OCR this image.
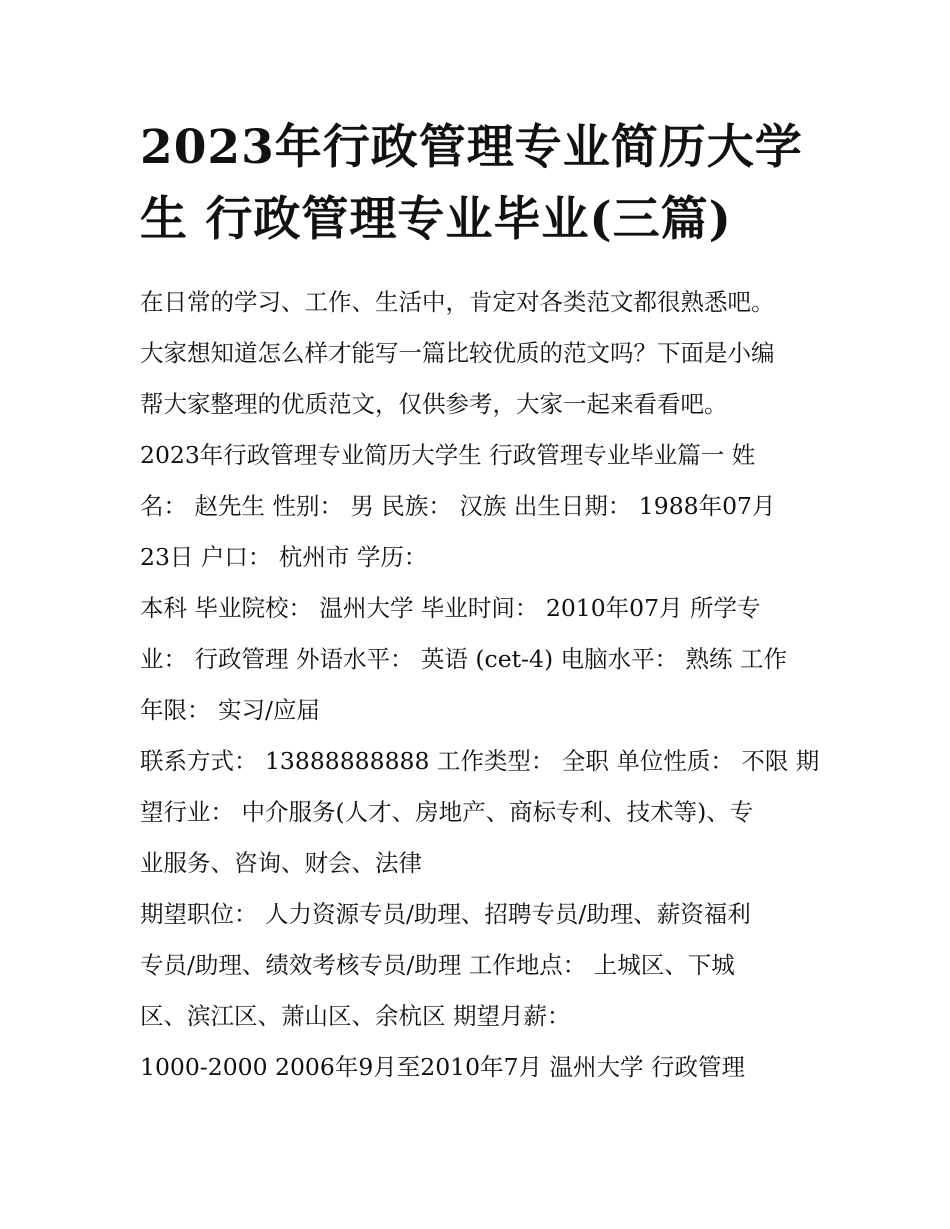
2023年行政管理专业简历大学
生 行政管理专业毕业(三篇)

在日常的学习、工作、生活中，肯定对各类范文都很熟悉吧。

大家想知道怎么样才能写一篇比较优质的范文吗？下面是小编

帮大家整理的优质范文，仅供参考，大家一起来看看吧。

2023年行政管理专业简历大学生 行政管理专业毕业篇一 姓

名： 赵先生 性别： 男 民族： 汉族 出生日期： 1988年07月

23日 户口： 杭州市 学历：

本科 毕业院校： 温州大学 毕业时间： 2010年07月 所学专

业： 行政管理 外语水平： 英语 (cet-4) 电脑水平： 熟练 工作

年限： 实习/应届

联系方式： 13888888888 工作类型： 全职 单位性质： 不限 期

望行业： 中介服务(人才、房地产、商标专利、技术等)、专

业服务、咨询、财会、法律

期望职位： 人力资源专员/助理、招聘专员/助理、薪资福利

专员/助理、绩效考核专员/助理 工作地点： 上城区、下城

区、滨江区、萧山区、余杭区 期望月薪：

1000-2000 2006年9月至2010年7月 温州大学 行政管理
